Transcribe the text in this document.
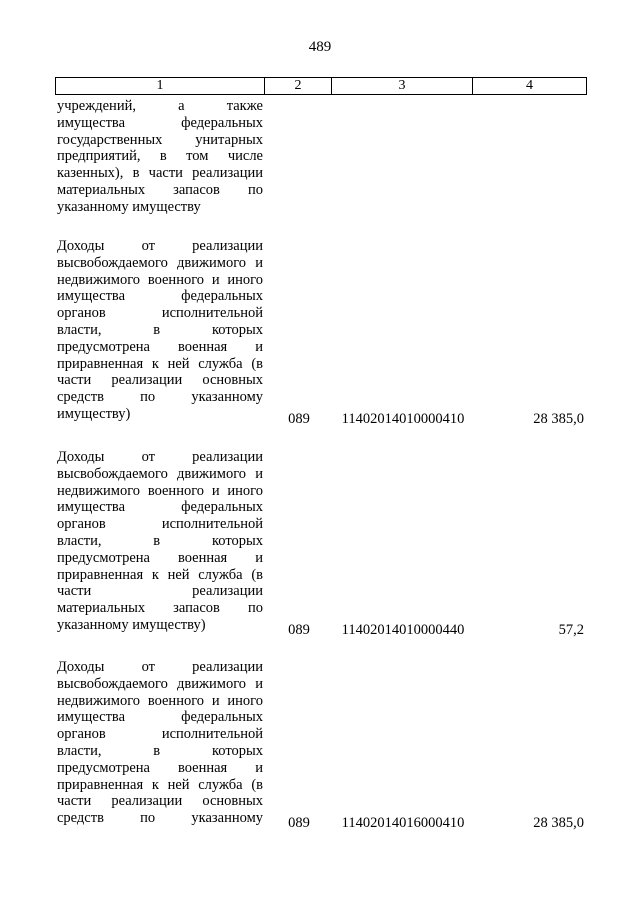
489
1	2	3	4
учреждений, а также
имущества федеральных
государственных унитарных
предприятий, в том числе
казенных), в части реализации
материальных запасов по
указанному имуществу
Доходы от реализации
высвобождаемого движимого и
недвижимого военного и иного
имущества федеральных
органов исполнительной
власти, в которых
предусмотрена военная и
приравненная к ней служба (в
части реализации основных
средств по указанному
имуществу)	089	11402014010000410	28 385,0
Доходы от реализации
высвобождаемого движимого и
недвижимого военного и иного
имущества федеральных
органов исполнительной
власти, в которых
предусмотрена военная и
приравненная к ней служба (в
части реализации
материальных запасов по
указанному имуществу)	089	11402014010000440	57,2
Доходы от реализации
высвобождаемого движимого и
недвижимого военного и иного
имущества федеральных
органов исполнительной
власти, в которых
предусмотрена военная и
приравненная к ней служба (в
части реализации основных
средств по указанному 089	11402014016000410	28 385,0
